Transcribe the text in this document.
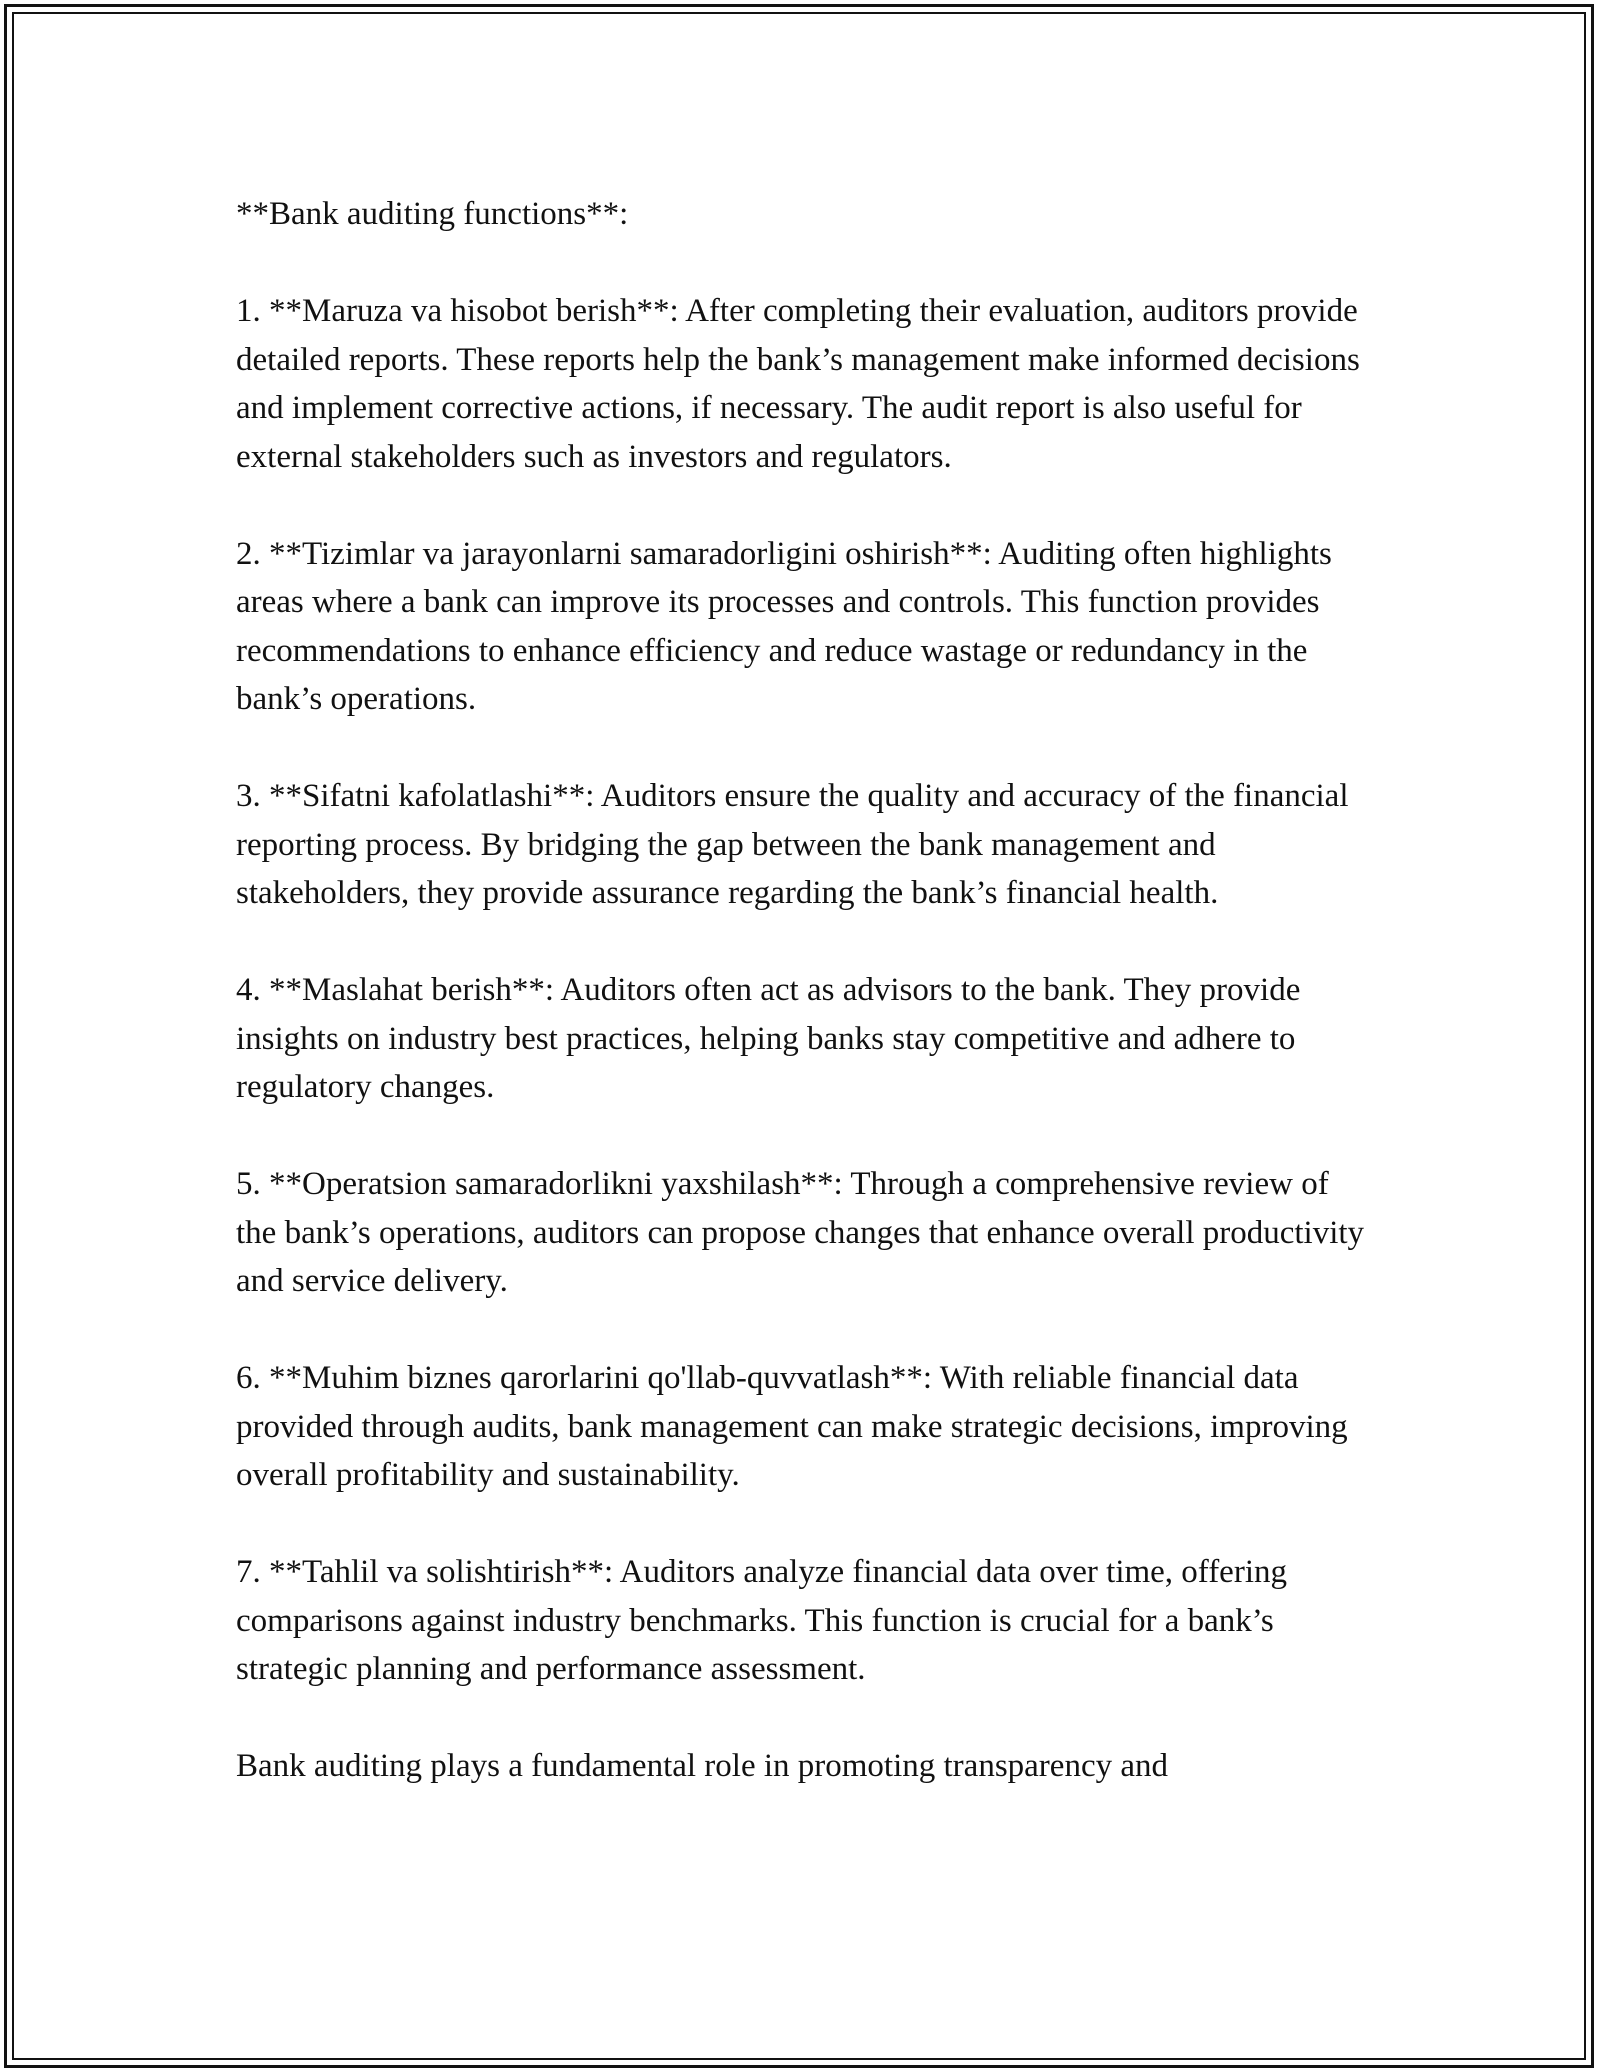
**Bank auditing functions**:

1. **Maruza va hisobot berish**: After completing their evaluation, auditors provide detailed reports. These reports help the bank’s management make informed decisions and implement corrective actions, if necessary. The audit report is also useful for external stakeholders such as investors and regulators.

2. **Tizimlar va jarayonlarni samaradorligini oshirish**: Auditing often highlights areas where a bank can improve its processes and controls. This function provides recommendations to enhance efficiency and reduce wastage or redundancy in the bank’s operations.

3. **Sifatni kafolatlashi**: Auditors ensure the quality and accuracy of the financial reporting process. By bridging the gap between the bank management and stakeholders, they provide assurance regarding the bank’s financial health.

4. **Maslahat berish**: Auditors often act as advisors to the bank. They provide insights on industry best practices, helping banks stay competitive and adhere to regulatory changes.

5. **Operatsion samaradorlikni yaxshilash**: Through a comprehensive review of the bank’s operations, auditors can propose changes that enhance overall productivity and service delivery.

6. **Muhim biznes qarorlarini qo'llab-quvvatlash**: With reliable financial data provided through audits, bank management can make strategic decisions, improving overall profitability and sustainability.

7. **Tahlil va solishtirish**: Auditors analyze financial data over time, offering comparisons against industry benchmarks. This function is crucial for a bank’s strategic planning and performance assessment.

Bank auditing plays a fundamental role in promoting transparency and
